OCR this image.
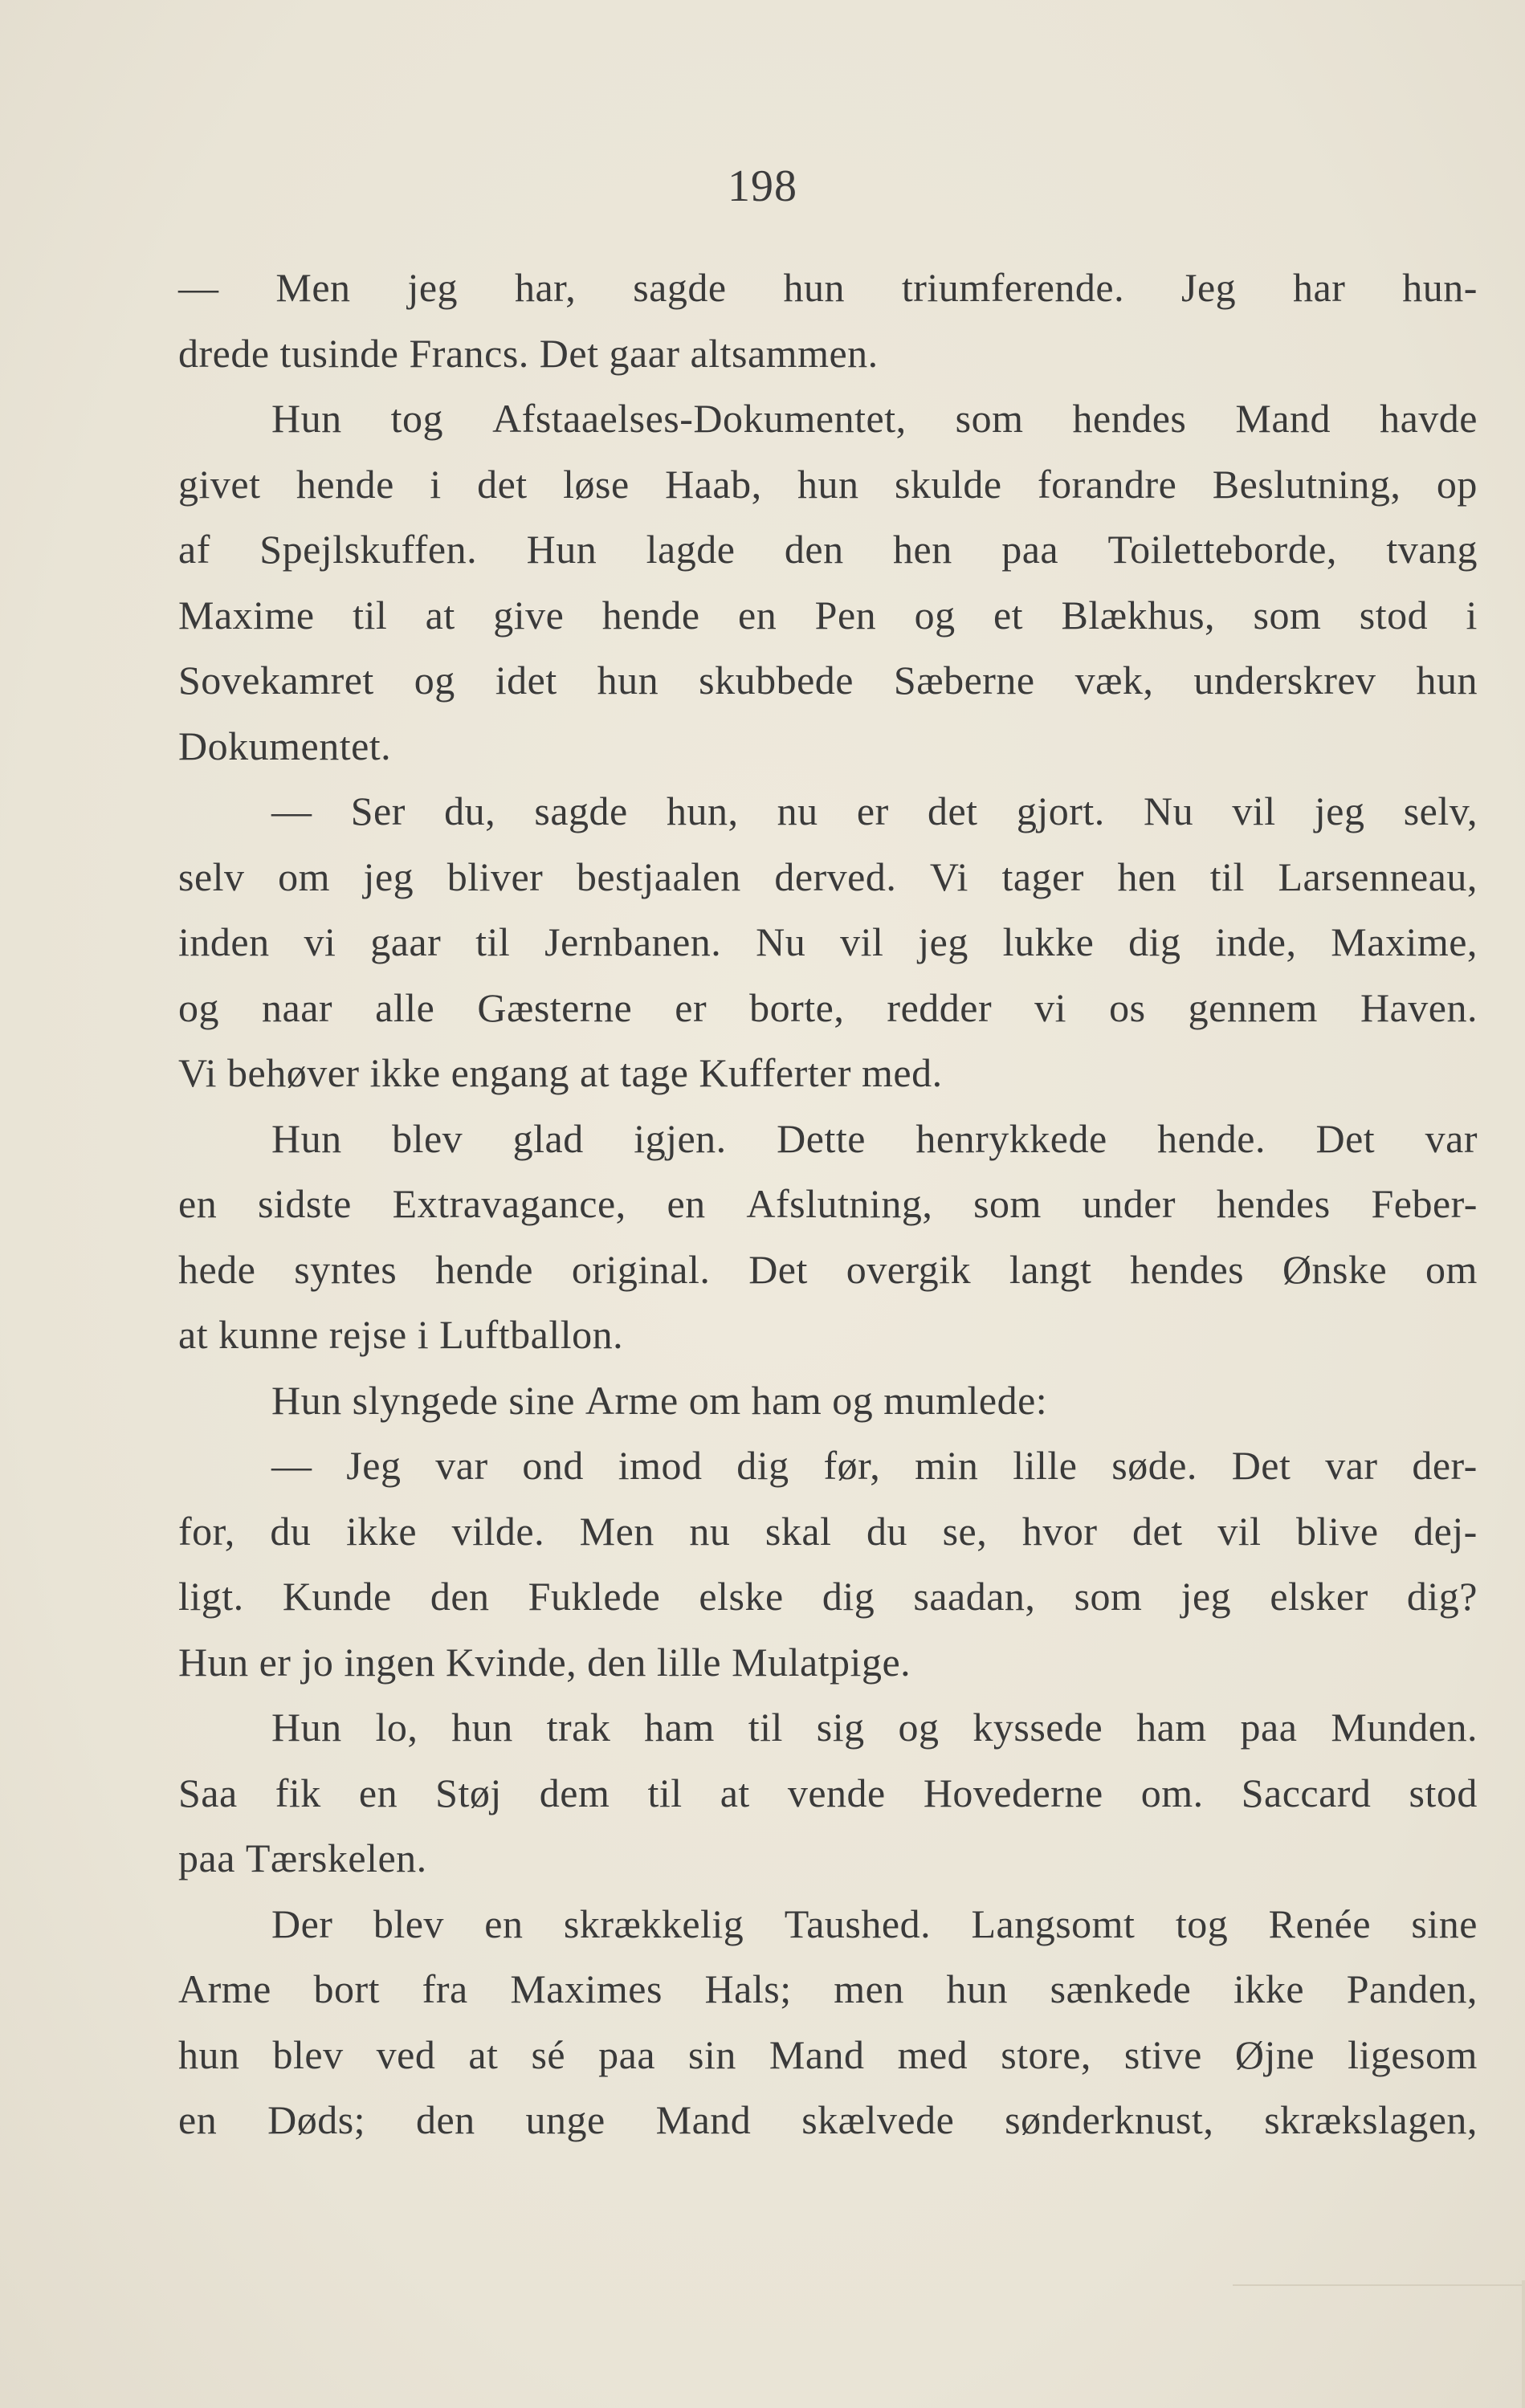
198
— Men jeg har, sagde hun triumferende. Jeg har hun-
drede tusinde Francs. Det gaar altsammen.
Hun tog Afstaaelses-Dokumentet, som hendes Mand havde
givet hende i det løse Haab, hun skulde forandre Beslutning, op
af Spejlskuffen. Hun lagde den hen paa Toiletteborde, tvang
Maxime til at give hende en Pen og et Blækhus, som stod i
Sovekamret og idet hun skubbede Sæberne væk, underskrev hun
Dokumentet.
— Ser du, sagde hun, nu er det gjort. Nu vil jeg selv,
selv om jeg bliver bestjaalen derved. Vi tager hen til Larsenneau,
inden vi gaar til Jernbanen. Nu vil jeg lukke dig inde, Maxime,
og naar alle Gæsterne er borte, redder vi os gennem Haven.
Vi behøver ikke engang at tage Kufferter med.
Hun blev glad igjen. Dette henrykkede hende. Det var
en sidste Extravagance, en Afslutning, som under hendes Feber-
hede syntes hende original. Det overgik langt hendes Ønske om
at kunne rejse i Luftballon.
Hun slyngede sine Arme om ham og mumlede:
— Jeg var ond imod dig før, min lille søde. Det var der-
for, du ikke vilde. Men nu skal du se, hvor det vil blive dej-
ligt. Kunde den Fuklede elske dig saadan, som jeg elsker dig?
Hun er jo ingen Kvinde, den lille Mulatpige.
Hun lo, hun trak ham til sig og kyssede ham paa Munden.
Saa fik en Støj dem til at vende Hovederne om. Saccard stod
paa Tærskelen.
Der blev en skrækkelig Taushed. Langsomt tog Renée sine
Arme bort fra Maximes Hals; men hun sænkede ikke Panden,
hun blev ved at sé paa sin Mand med store, stive Øjne ligesom
en Døds; den unge Mand skælvede sønderknust, skrækslagen,
